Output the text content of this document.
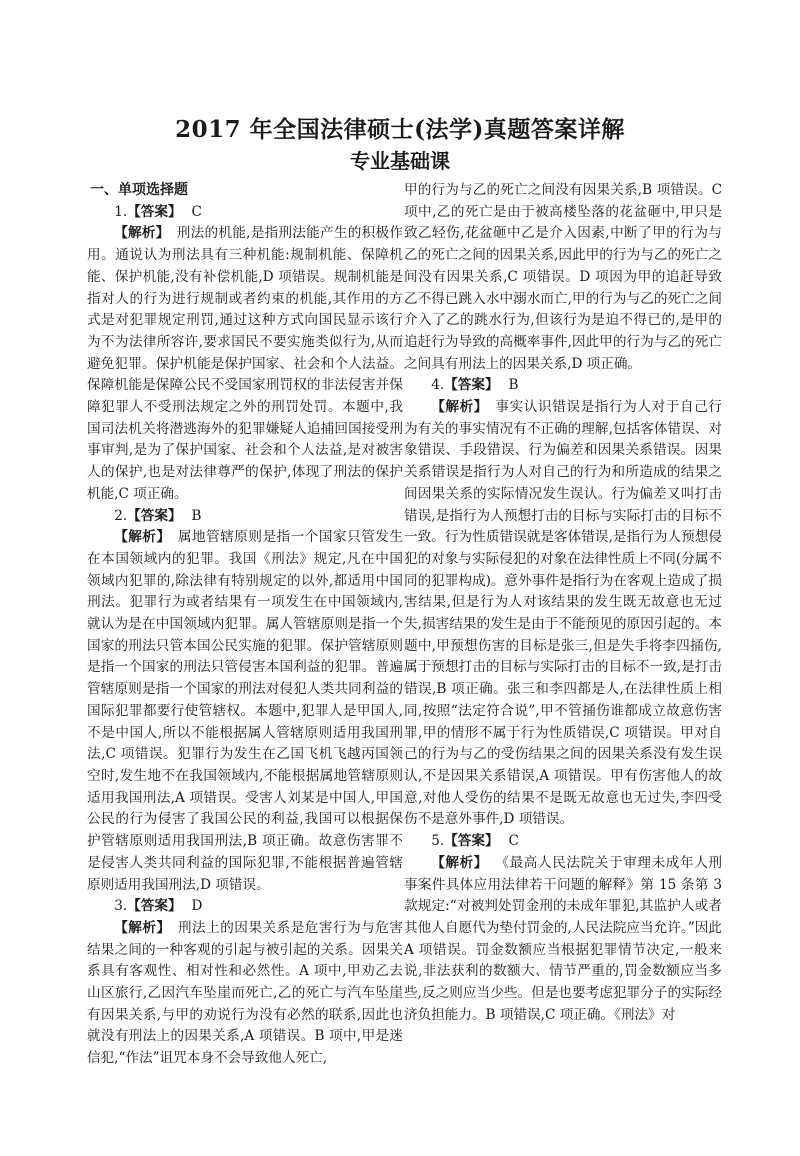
2017 年全国法律硕士(法学)真题答案详解
专业基础课

一、单项选择题

1.【答案】 C

【解析】  刑法的机能,是指刑法能产生的积极作用。通说认为刑法具有三种机能:规制机能、保障机能、保护机能,没有补偿机能,D 项错误。规制机能是指对人的行为进行规制或者约束的机能,其作用的方式是对犯罪规定刑罚,通过这种方式向国民显示该行为不为法律所容许,要求国民不要实施类似行为,从而避免犯罪。保护机能是保护国家、社会和个人法益。保障机能是保障公民不受国家刑罚权的非法侵害并保障犯罪人不受刑法规定之外的刑罚处罚。本题中,我国司法机关将潜逃海外的犯罪嫌疑人追捕回国接受刑事审判,是为了保护国家、社会和个人法益,是对被害人的保护,也是对法律尊严的保护,体现了刑法的保护机能,C 项正确。

2.【答案】 B

【解析】  属地管辖原则是指一个国家只管发生在本国领域内的犯罪。我国《刑法》规定,凡在中国领域内犯罪的,除法律有特别规定的以外,都适用中国刑法。犯罪行为或者结果有一项发生在中国领域内,就认为是在中国领域内犯罪。属人管辖原则是指一个国家的刑法只管本国公民实施的犯罪。保护管辖原则是指一个国家的刑法只管侵害本国利益的犯罪。普遍管辖原则是指一个国家的刑法对侵犯人类共同利益的国际犯罪都要行使管辖权。本题中,犯罪人是甲国人,不是中国人,所以不能根据属人管辖原则适用我国刑法,C 项错误。犯罪行为发生在乙国飞机飞越丙国领空时,发生地不在我国领域内,不能根据属地管辖原则适用我国刑法,A 项错误。受害人刘某是中国人,甲国公民的行为侵害了我国公民的利益,我国可以根据保护管辖原则适用我国刑法,B 项正确。故意伤害罪不是侵害人类共同利益的国际犯罪,不能根据普遍管辖原则适用我国刑法,D 项错误。

3.【答案】 D

【解析】  刑法上的因果关系是危害行为与危害结果之间的一种客观的引起与被引起的关系。因果关系具有客观性、相对性和必然性。A 项中,甲劝乙去山区旅行,乙因汽车坠崖而死亡,乙的死亡与汽车坠崖有因果关系,与甲的劝说行为没有必然的联系,因此也就没有刑法上的因果关系,A 项错误。B 项中,甲是迷信犯,“作法”诅咒本身不会导致他人死亡,

甲的行为与乙的死亡之间没有因果关系,B 项错误。C 项中,乙的死亡是由于被高楼坠落的花盆砸中,甲只是致乙轻伤,花盆砸中乙是介入因素,中断了甲的行为与乙的死亡之间的因果关系,因此甲的行为与乙的死亡之间没有因果关系,C 项错误。D 项因为甲的追赶导致乙不得已跳入水中溺水而亡,甲的行为与乙的死亡之间介入了乙的跳水行为,但该行为是迫不得已的,是甲的追赶行为导致的高概率事件,因此甲的行为与乙的死亡之间具有刑法上的因果关系,D 项正确。

4.【答案】 B

【解析】  事实认识错误是指行为人对于自己行为有关的事实情况有不正确的理解,包括客体错误、对象错误、手段错误、行为偏差和因果关系错误。因果关系错误是指行为人对自己的行为和所造成的结果之间因果关系的实际情况发生误认。行为偏差又叫打击错误,是指行为人预想打击的目标与实际打击的目标不一致。行为性质错误就是客体错误,是指行为人预想侵犯的对象与实际侵犯的对象在法律性质上不同(分属不同的犯罪构成)。意外事件是指行为在客观上造成了损害结果,但是行为人对该结果的发生既无故意也无过失,损害结果的发生是由于不能预见的原因引起的。本题中,甲预想伤害的目标是张三,但是失手将李四捅伤,属于预想打击的目标与实际打击的目标不一致,是打击错误,B 项正确。张三和李四都是人,在法律性质上相同,按照“法定符合说”,甲不管捅伤谁都成立故意伤害罪,甲的情形不属于行为性质错误,C 项错误。甲对自己的行为与乙的受伤结果之间的因果关系没有发生误认,不是因果关系错误,A 项错误。甲有伤害他人的故意,对他人受伤的结果不是既无故意也无过失,李四受伤不是意外事件,D 项错误。

5.【答案】 C

【解析】  《最高人民法院关于审理未成年人刑事案件具体应用法律若干问题的解释》第 15 条第 3 款规定:“对被判处罚金刑的未成年罪犯,其监护人或者其他人自愿代为垫付罚金的,人民法院应当允许。”因此 A 项错误。罚金数额应当根据犯罪情节决定,一般来说,非法获利的数额大、情节严重的,罚金数额应当多些,反之则应当少些。但是也要考虑犯罪分子的实际经济负担能力。B 项错误,C 项正确。《刑法》对
